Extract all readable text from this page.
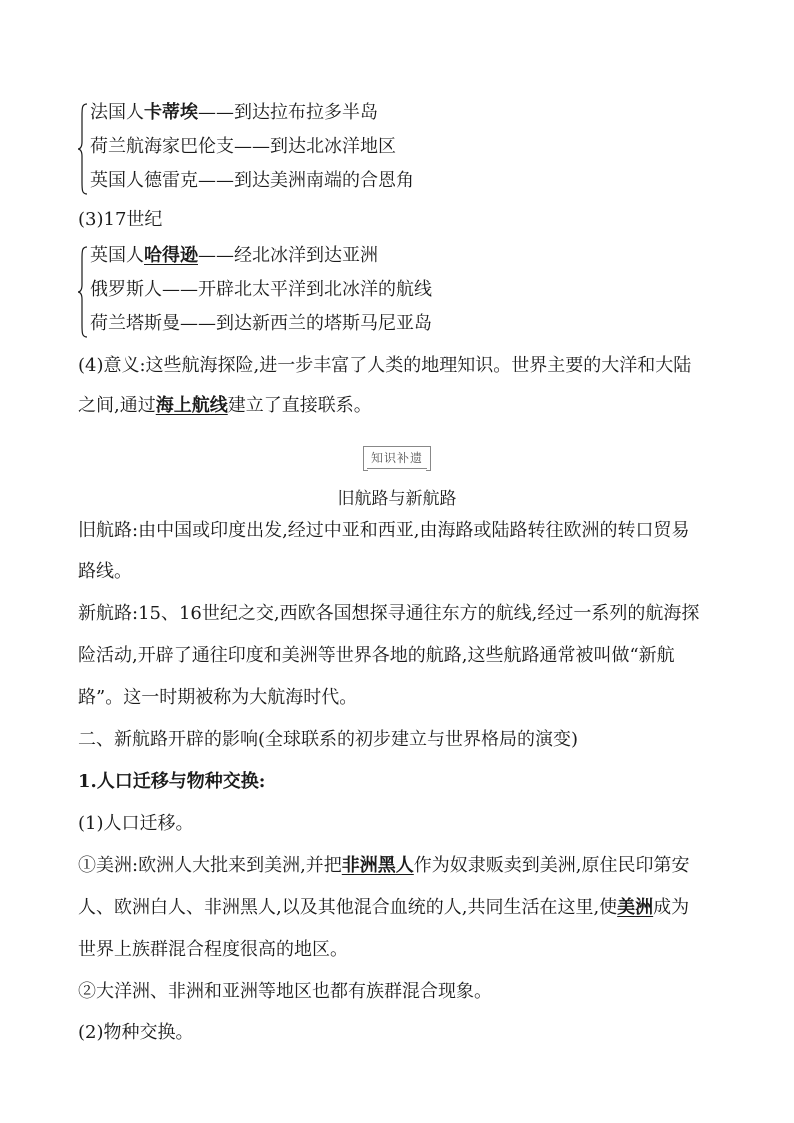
法国人卡蒂埃——到达拉布拉多半岛
荷兰航海家巴伦支——到达北冰洋地区
英国人德雷克——到达美洲南端的合恩角
(3)17世纪
英国人哈得逊——经北冰洋到达亚洲
俄罗斯人——开辟北太平洋到北冰洋的航线
荷兰塔斯曼——到达新西兰的塔斯马尼亚岛
(4)意义:这些航海探险,进一步丰富了人类的地理知识。世界主要的大洋和大陆
之间,通过海上航线建立了直接联系。
知识补遗
旧航路与新航路
旧航路:由中国或印度出发,经过中亚和西亚,由海路或陆路转往欧洲的转口贸易
路线。
新航路:15、16世纪之交,西欧各国想探寻通往东方的航线,经过一系列的航海探
险活动,开辟了通往印度和美洲等世界各地的航路,这些航路通常被叫做“新航
路”。这一时期被称为大航海时代。
二、新航路开辟的影响(全球联系的初步建立与世界格局的演变)
1.人口迁移与物种交换:
(1)人口迁移。
①美洲:欧洲人大批来到美洲,并把非洲黑人作为奴隶贩卖到美洲,原住民印第安
人、欧洲白人、非洲黑人,以及其他混合血统的人,共同生活在这里,使美洲成为
世界上族群混合程度很高的地区。
②大洋洲、非洲和亚洲等地区也都有族群混合现象。
(2)物种交换。
